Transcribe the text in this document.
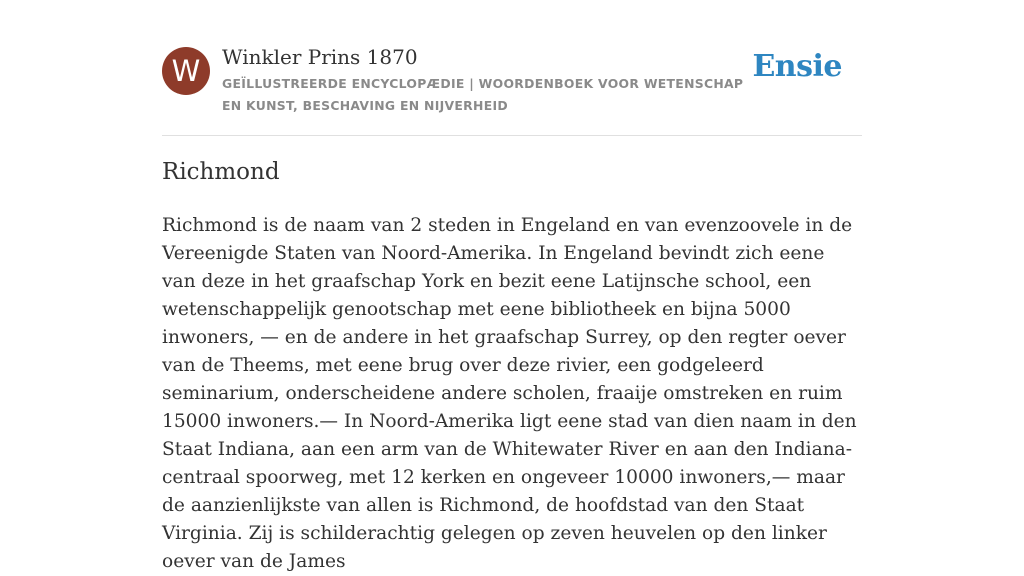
W	Winkler Prins 1870
GEÏLLUSTREERDE ENCYCLOPÆDIE | WOORDENBOEK VOOR WETENSCHAP EN KUNST, BESCHAVING EN NIJVERHEID
Ensie
Richmond

Richmond is de naam van 2 steden in Engeland en van evenzoovele in de Vereenigde Staten van Noord-Amerika. In Engeland bevindt zich eene van deze in het graafschap York en bezit eene Latijnsche school, een wetenschappelijk genootschap met eene bibliotheek en bijna 5000 inwoners, — en de andere in het graafschap Surrey, op den regter oever van de Theems, met eene brug over deze rivier, een godgeleerd seminarium, onderscheidene andere scholen, fraaije omstreken en ruim 15000 inwoners.— In Noord-Amerika ligt eene stad van dien naam in den Staat Indiana, aan een arm van de Whitewater River en aan den Indiana-centraal spoorweg, met 12 kerken en ongeveer 10000 inwoners,— maar de aanzienlijkste van allen is Richmond, de hoofdstad van den Staat Virginia. Zij is schilderachtig gelegen op zeven heuvelen op den linker oever van de James
